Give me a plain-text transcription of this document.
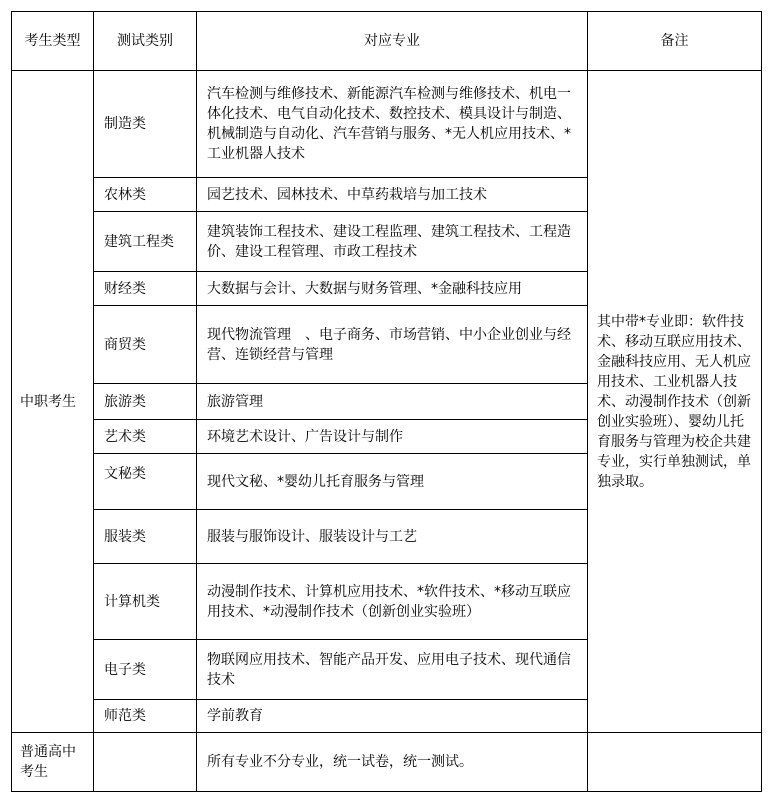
考生类型	测试类别	对应专业	备注
中职考生	制造类	汽车检测与维修技术、新能源汽车检测与维修技术、机电一体化技术、电气自动化技术、数控技术、模具设计与制造、机械制造与自动化、汽车营销与服务、*无人机应用技术、*工业机器人技术	其中带*专业即：软件技术、移动互联应用技术、金融科技应用、无人机应用技术、工业机器人技术、动漫制作技术（创新创业实验班）、婴幼儿托育服务与管理为校企共建专业，实行单独测试，单独录取。
	农林类	园艺技术、园林技术、中草药栽培与加工技术	
	建筑工程类	建筑装饰工程技术、建设工程监理、建筑工程技术、工程造价、建设工程管理、市政工程技术	
	财经类	大数据与会计、大数据与财务管理、*金融科技应用	
	商贸类	现代物流管理　、电子商务、市场营销、中小企业创业与经营、连锁经营与管理	
	旅游类	旅游管理	
	艺术类	环境艺术设计、广告设计与制作	
	文秘类	现代文秘、*婴幼儿托育服务与管理	
	服装类	服装与服饰设计、服装设计与工艺	
	计算机类	动漫制作技术、计算机应用技术、*软件技术、*移动互联应用技术、*动漫制作技术（创新创业实验班）	
	电子类	物联网应用技术、智能产品开发、应用电子技术、现代通信技术	
	师范类	学前教育	
普通高中考生		所有专业不分专业，统一试卷，统一测试。	
